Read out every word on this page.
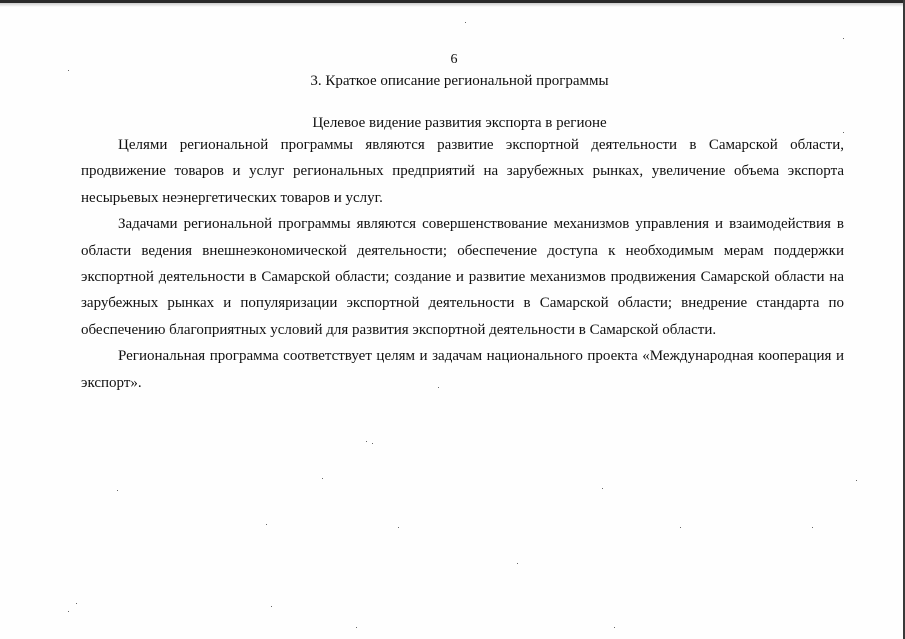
6
3. Краткое описание региональной программы
Целевое видение развития экспорта в регионе

Целями региональной программы являются развитие экспортной деятельности в Самарской области, продвижение товаров и услуг региональных предприятий на зарубежных рынках, увеличение объема экспорта несырьевых неэнергетических товаров и услуг.

Задачами региональной программы являются совершенствование механизмов управления и взаимодействия в области ведения внешнеэкономической деятельности; обеспечение доступа к необходимым мерам поддержки экспортной деятельности в Самарской области; создание и развитие механизмов продвижения Самарской области на зарубежных рынках и популяризации экспортной деятельности в Самарской области; внедрение стандарта по обеспечению благоприятных условий для развития экспортной деятельности в Самарской области.

Региональная программа соответствует целям и задачам национального проекта «Международная кооперация и экспорт».
